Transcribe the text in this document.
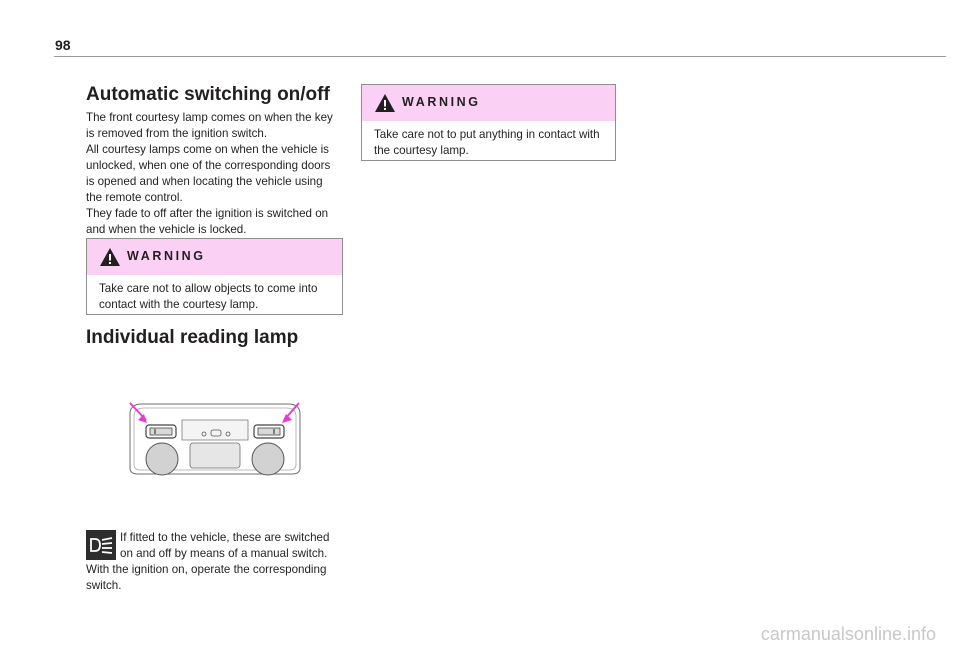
98
Automatic switching on/off
The front courtesy lamp comes on when the key
is removed from the ignition switch.
All courtesy lamps come on when the vehicle is
unlocked, when one of the corresponding doors
is opened and when locating the vehicle using
the remote control.
They fade to off after the ignition is switched on
and when the vehicle is locked.
WARNING
Take care not to allow objects to come into
contact with the courtesy lamp.
Individual reading lamp
If fitted to the vehicle, these are switched
on and off by means of a manual switch.
With the ignition on, operate the corresponding
switch.
WARNING
Take care not to put anything in contact with
the courtesy lamp.
carmanualsonline.info
